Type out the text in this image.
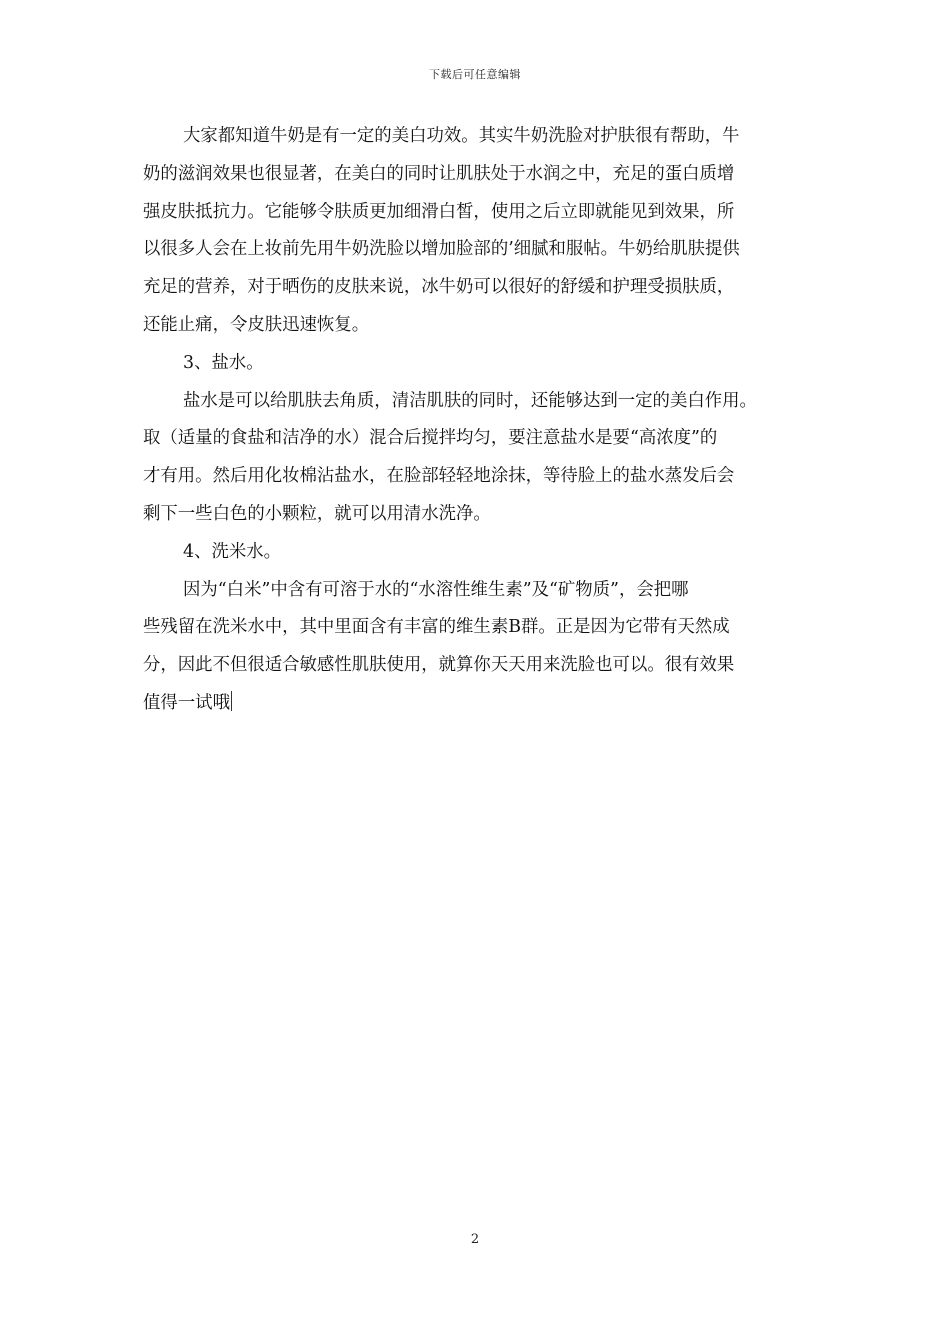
下载后可任意编辑
大家都知道牛奶是有一定的美白功效。其实牛奶洗脸对护肤很有帮助，牛
奶的滋润效果也很显著，在美白的同时让肌肤处于水润之中，充足的蛋白质增
强皮肤抵抗力。它能够令肤质更加细滑白皙，使用之后立即就能见到效果，所
以很多人会在上妆前先用牛奶洗脸以增加脸部的’细腻和服帖。牛奶给肌肤提供
充足的营养，对于晒伤的皮肤来说，冰牛奶可以很好的舒缓和护理受损肤质，
还能止痛，令皮肤迅速恢复。
3、盐水。
盐水是可以给肌肤去角质，清洁肌肤的同时，还能够达到一定的美白作用。
取（适量的食盐和洁净的水）混合后搅拌均匀，要注意盐水是要“高浓度”的
才有用。然后用化妆棉沾盐水，在脸部轻轻地涂抹，等待脸上的盐水蒸发后会
剩下一些白色的小颗粒，就可以用清水洗净。
4、洗米水。
因为“白米”中含有可溶于水的“水溶性维生素”及“矿物质”，会把哪
些残留在洗米水中，其中里面含有丰富的维生素B群。正是因为它带有天然成
分，因此不但很适合敏感性肌肤使用，就算你天天用来洗脸也可以。很有效果
值得一试哦
2
